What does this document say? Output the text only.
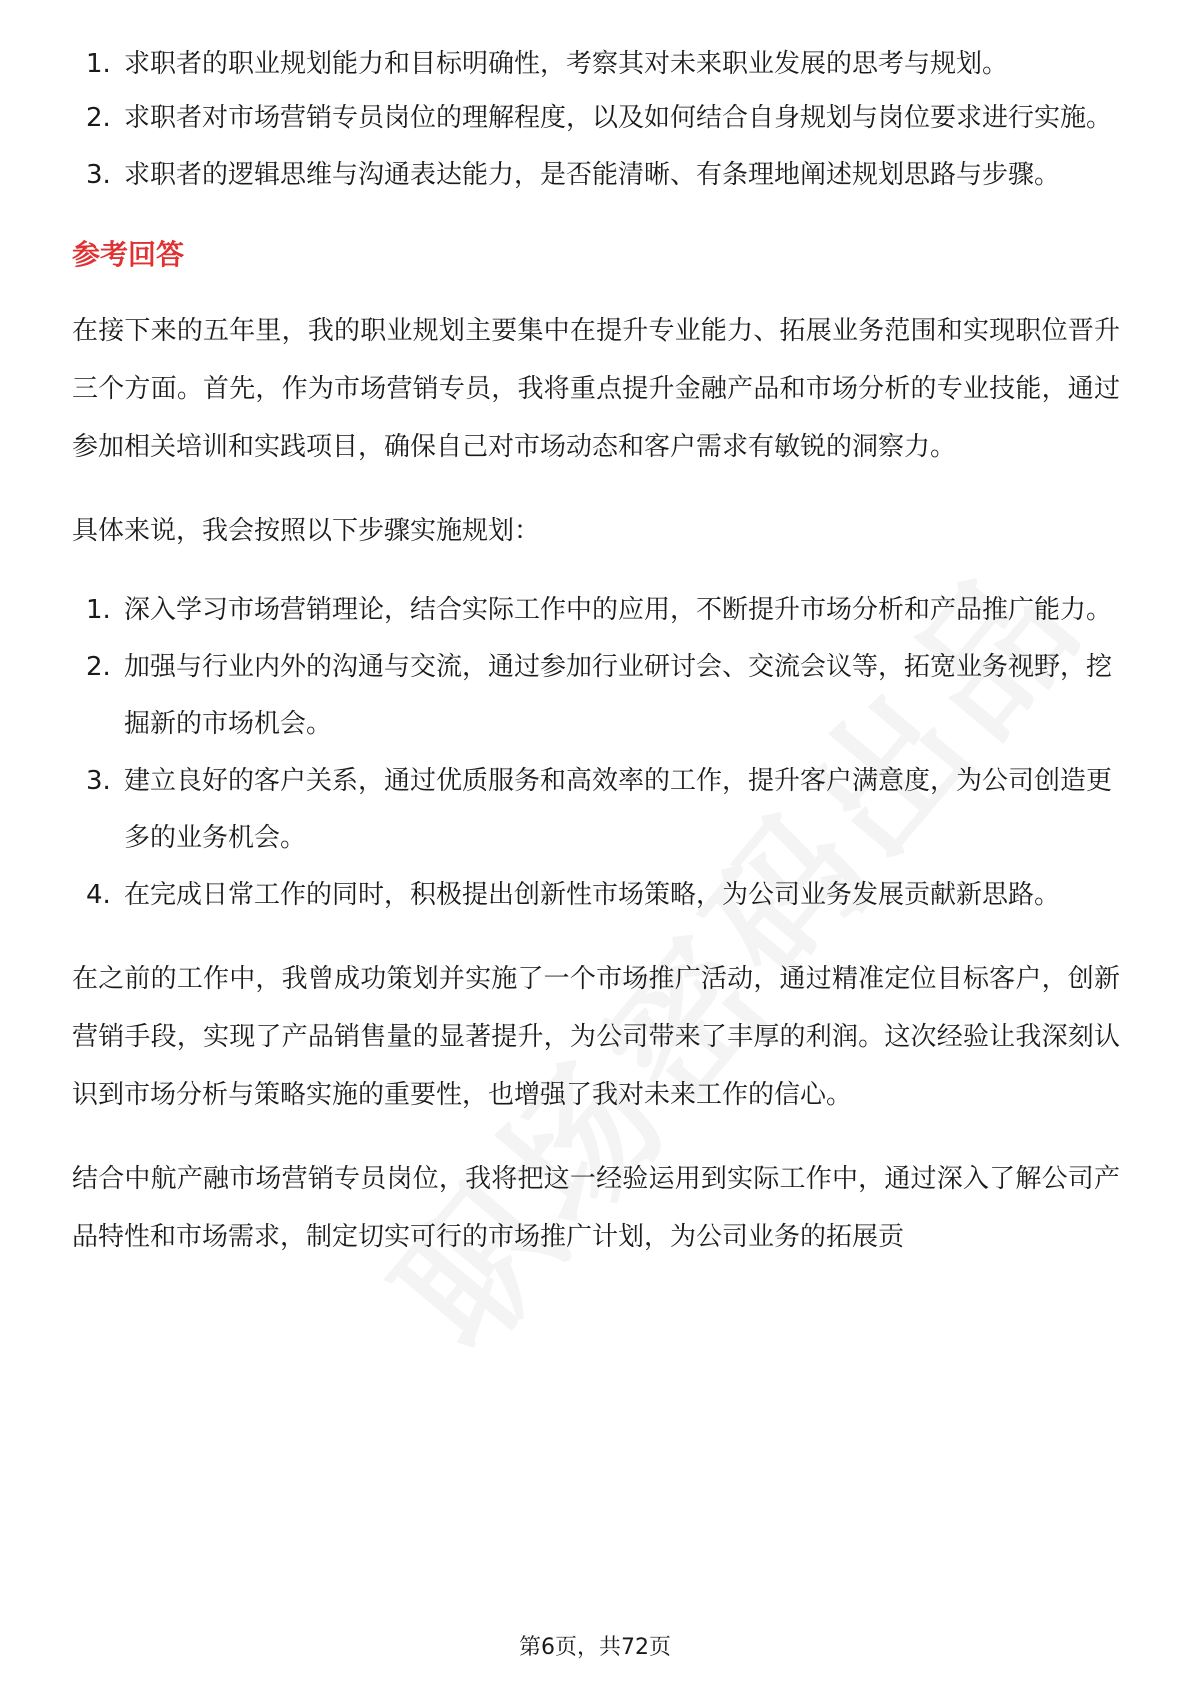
1. 求职者的职业规划能力和目标明确性，考察其对未来职业发展的思考与规划。
2. 求职者对市场营销专员岗位的理解程度，以及如何结合自身规划与岗位要求进行实施。
3. 求职者的逻辑思维与沟通表达能力，是否能清晰、有条理地阐述规划思路与步骤。
参考回答

在接下来的五年里，我的职业规划主要集中在提升专业能力、拓展业务范围和实现职位晋升三个方面。首先，作为市场营销专员，我将重点提升金融产品和市场分析的专业技能，通过参加相关培训和实践项目，确保自己对市场动态和客户需求有敏锐的洞察力。

具体来说，我会按照以下步骤实施规划：

1. 深入学习市场营销理论，结合实际工作中的应用，不断提升市场分析和产品推广能力。
2. 加强与行业内外的沟通与交流，通过参加行业研讨会、交流会议等，拓宽业务视野，挖掘新的市场机会。
3. 建立良好的客户关系，通过优质服务和高效率的工作，提升客户满意度，为公司创造更多的业务机会。
4. 在完成日常工作的同时，积极提出创新性市场策略，为公司业务发展贡献新思路。

在之前的工作中，我曾成功策划并实施了一个市场推广活动，通过精准定位目标客户，创新营销手段，实现了产品销售量的显著提升，为公司带来了丰厚的利润。这次经验让我深刻认识到市场分析与策略实施的重要性，也增强了我对未来工作的信心。

结合中航产融市场营销专员岗位，我将把这一经验运用到实际工作中，通过深入了解公司产品特性和市场需求，制定切实可行的市场推广计划，为公司业务的拓展贡

第6页，共72页
